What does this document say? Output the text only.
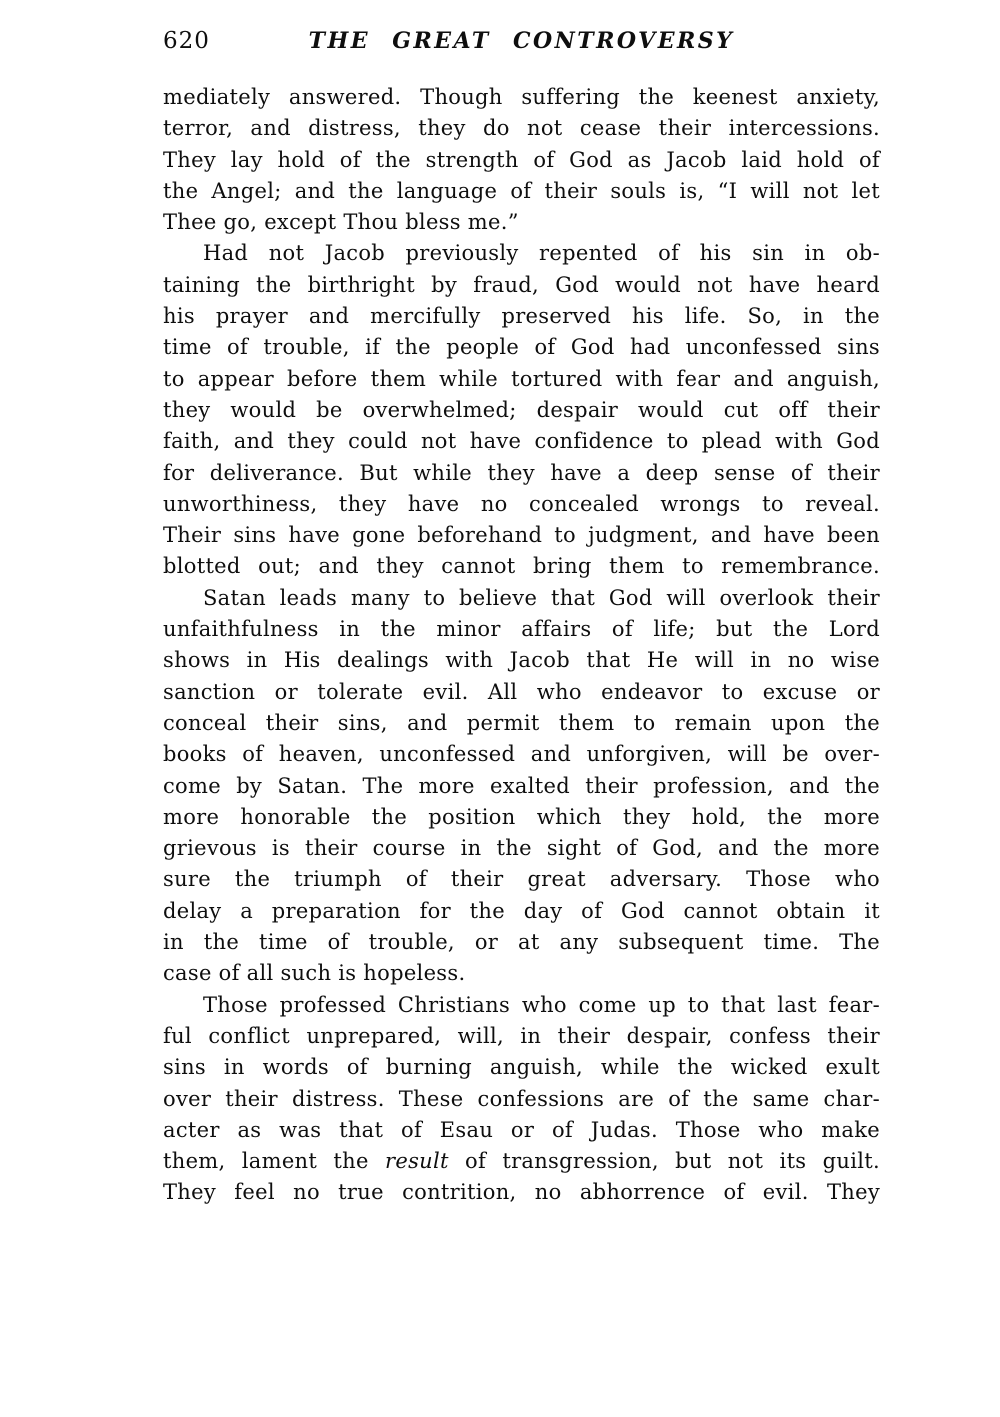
620	THE GREAT CONTROVERSY
mediately answered. Though suffering the keenest anxiety,
terror, and distress, they do not cease their intercessions.
They lay hold of the strength of God as Jacob laid hold of
the Angel; and the language of their souls is, “I will not let
Thee go, except Thou bless me.”
Had not Jacob previously repented of his sin in ob-
taining the birthright by fraud, God would not have heard
his prayer and mercifully preserved his life. So, in the
time of trouble, if the people of God had unconfessed sins
to appear before them while tortured with fear and anguish,
they would be overwhelmed; despair would cut off their
faith, and they could not have confidence to plead with God
for deliverance. But while they have a deep sense of their
unworthiness, they have no concealed wrongs to reveal.
Their sins have gone beforehand to judgment, and have been
blotted out; and they cannot bring them to remembrance.
Satan leads many to believe that God will overlook their
unfaithfulness in the minor affairs of life; but the Lord
shows in His dealings with Jacob that He will in no wise
sanction or tolerate evil. All who endeavor to excuse or
conceal their sins, and permit them to remain upon the
books of heaven, unconfessed and unforgiven, will be over-
come by Satan. The more exalted their profession, and the
more honorable the position which they hold, the more
grievous is their course in the sight of God, and the more
sure the triumph of their great adversary. Those who
delay a preparation for the day of God cannot obtain it
in the time of trouble, or at any subsequent time. The
case of all such is hopeless.
Those professed Christians who come up to that last fear-
ful conflict unprepared, will, in their despair, confess their
sins in words of burning anguish, while the wicked exult
over their distress. These confessions are of the same char-
acter as was that of Esau or of Judas. Those who make
them, lament the result of transgression, but not its guilt.
They feel no true contrition, no abhorrence of evil. They
